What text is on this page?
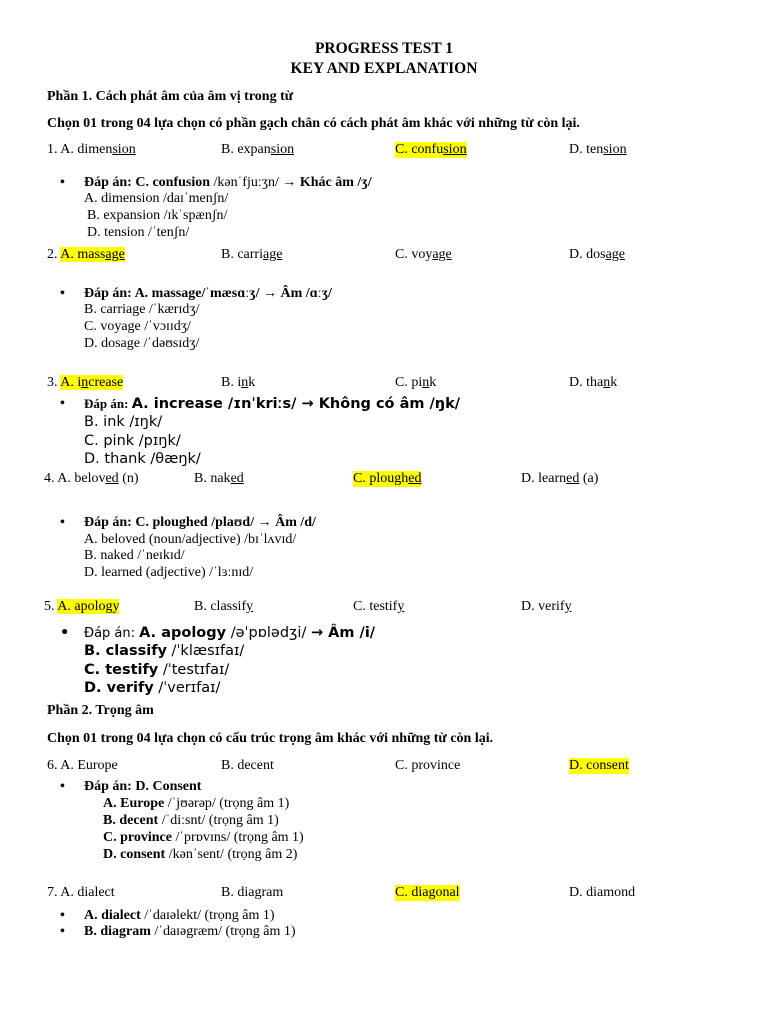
PROGRESS TEST 1
KEY AND EXPLANATION
Phần 1. Cách phát âm của âm vị trong từ
Chọn 01 trong 04 lựa chọn có phần gạch chân có cách phát âm khác với những từ còn lại.
1. A. dimension	B. expansion	C. confusion	D. tension
• Đáp án: C. confusion /kənˈfjuːʒn/ → Khác âm /ʒ/
A. dimension /daɪˈmenʃn/
B. expansion /ɪkˈspænʃn/
D. tension /ˈtenʃn/
2. A. massage	B. carriage	C. voyage	D. dosage
• Đáp án: A. massage/ˈmæsɑːʒ/ → Âm /ɑːʒ/
B. carriage /ˈkærɪdʒ/
C. voyage /ˈvɔɪɪdʒ/
D. dosage /ˈdəʊsɪdʒ/
3. A. increase	B. ink	C. pink	D. thank
• Đáp án: A. increase /ɪnˈkriːs/ → Không có âm /ŋk/
B. ink /ɪŋk/
C. pink /pɪŋk/
D. thank /θæŋk/
4. A. beloved (n)	B. naked	C. ploughed	D. learned (a)
• Đáp án: C. ploughed /plaʊd/ → Âm /d/
A. beloved (noun/adjective) /bɪˈlʌvɪd/
B. naked /ˈneɪkɪd/
D. learned (adjective) /ˈlɜːnɪd/
5. A. apology	B. classify	C. testify	D. verify
• Đáp án: A. apology /əˈpɒlədʒi/ → Âm /i/
B. classify /ˈklæsɪfaɪ/
C. testify /ˈtestɪfaɪ/
D. verify /ˈverɪfaɪ/
Phần 2. Trọng âm
Chọn 01 trong 04 lựa chọn có cấu trúc trọng âm khác với những từ còn lại.
6. A. Europe	B. decent	C. province	D. consent
• Đáp án: D. Consent
A. Europe /ˈjʊərəp/ (trọng âm 1)
B. decent /ˈdiːsnt/ (trọng âm 1)
C. province /ˈprɒvɪns/ (trọng âm 1)
D. consent /kənˈsent/ (trọng âm 2)
7. A. dialect	B. diagram	C. diagonal	D. diamond
• A. dialect /ˈdaɪəlekt/ (trọng âm 1)
• B. diagram /ˈdaɪəgræm/ (trọng âm 1)
